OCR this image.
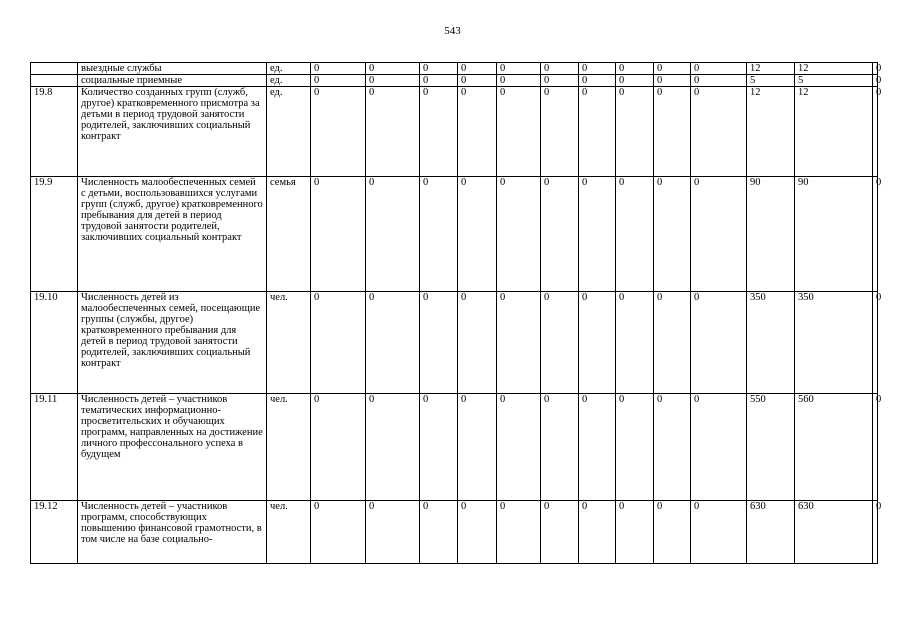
543
	выездные службы	ед.	0	0	0	0	0	0	0	0	0	0	12	12	0
	социальные приемные	ед.	0	0	0	0	0	0	0	0	0	0	5	5	0
19.8	Количество созданных групп (служб, другое) кратковременного присмотра за детьми в период трудовой занятости родителей, заключивших социальный контракт	ед.	0	0	0	0	0	0	0	0	0	0	12	12	0
19.9	Численность малообеспеченных семей с детьми, воспользовавшихся услугами групп (служб, другое) кратковременного пребывания для детей в период трудовой занятости родителей, заключивших социальный контракт	семья	0	0	0	0	0	0	0	0	0	0	90	90	0
19.10	Численность детей из малообеспеченных семей, посещающие группы (службы, другое) кратковременного пребывания для детей в период трудовой занятости родителей, заключивших социальный контракт	чел.	0	0	0	0	0	0	0	0	0	0	350	350	0
19.11	Численность детей – участников тематических информационно-просветительских и обучающих программ, направленных на достижение личного профессонального успеха в будущем	чел.	0	0	0	0	0	0	0	0	0	0	550	560	0
19.12	Численность детей – участников программ, способствующих повышению финансовой грамотности, в том числе на базе социально-	чел.	0	0	0	0	0	0	0	0	0	0	630	630	0
